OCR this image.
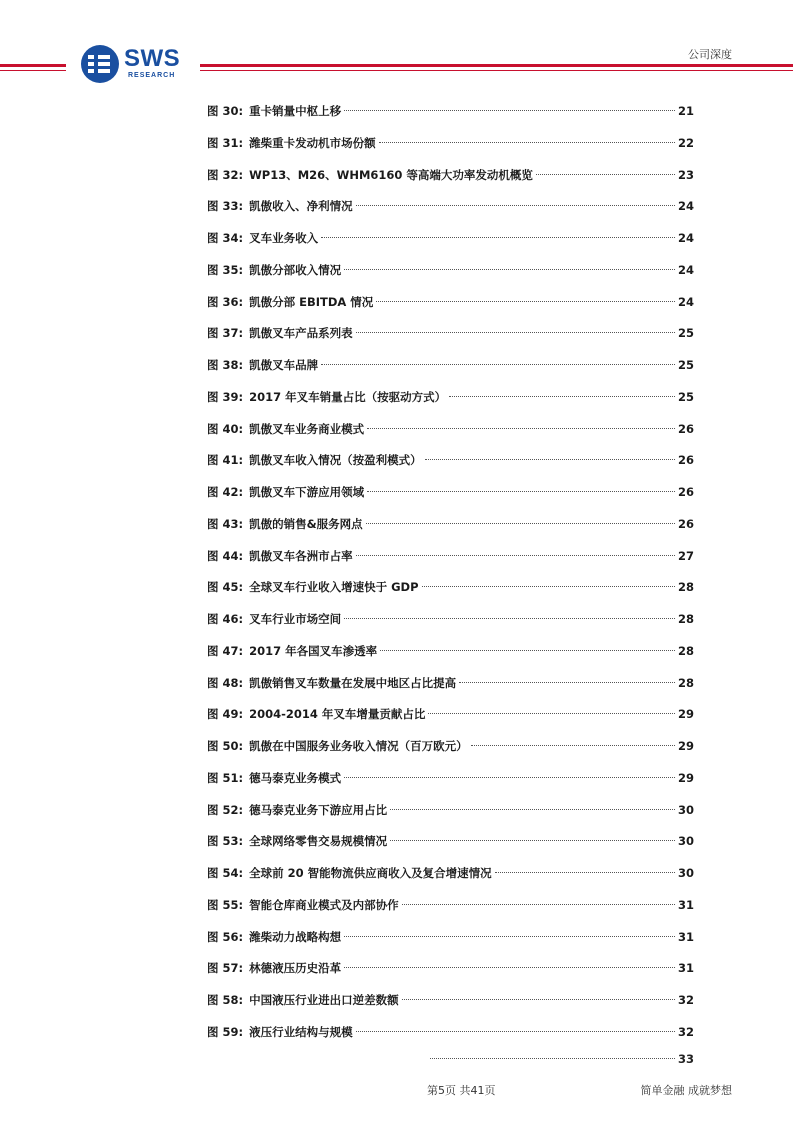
SWS
RESEARCH
公司深度
图 30: 重卡销量中枢上移	21
图 31: 潍柴重卡发动机市场份额	22
图 32: WP13、M26、WHM6160 等高端大功率发动机概览	23
图 33: 凯傲收入、净利情况	24
图 34: 叉车业务收入	24
图 35: 凯傲分部收入情况	24
图 36: 凯傲分部 EBITDA 情况	24
图 37: 凯傲叉车产品系列表	25
图 38: 凯傲叉车品牌	25
图 39: 2017 年叉车销量占比（按驱动方式）	25
图 40: 凯傲叉车业务商业模式	26
图 41: 凯傲叉车收入情况（按盈利模式）	26
图 42: 凯傲叉车下游应用领域	26
图 43: 凯傲的销售&服务网点	26
图 44: 凯傲叉车各洲市占率	27
图 45: 全球叉车行业收入增速快于 GDP	28
图 46: 叉车行业市场空间	28
图 47: 2017 年各国叉车渗透率	28
图 48: 凯傲销售叉车数量在发展中地区占比提高	28
图 49: 2004-2014 年叉车增量贡献占比	29
图 50: 凯傲在中国服务业务收入情况（百万欧元）	29
图 51: 德马泰克业务模式	29
图 52: 德马泰克业务下游应用占比	30
图 53: 全球网络零售交易规模情况	30
图 54: 全球前 20 智能物流供应商收入及复合增速情况	30
图 55: 智能仓库商业模式及内部协作	31
图 56: 潍柴动力战略构想	31
图 57: 林德液压历史沿革	31
图 58: 中国液压行业进出口逆差数额	32
图 59: 液压行业结构与规模	32
33
第5页 共41页	简单金融 成就梦想
